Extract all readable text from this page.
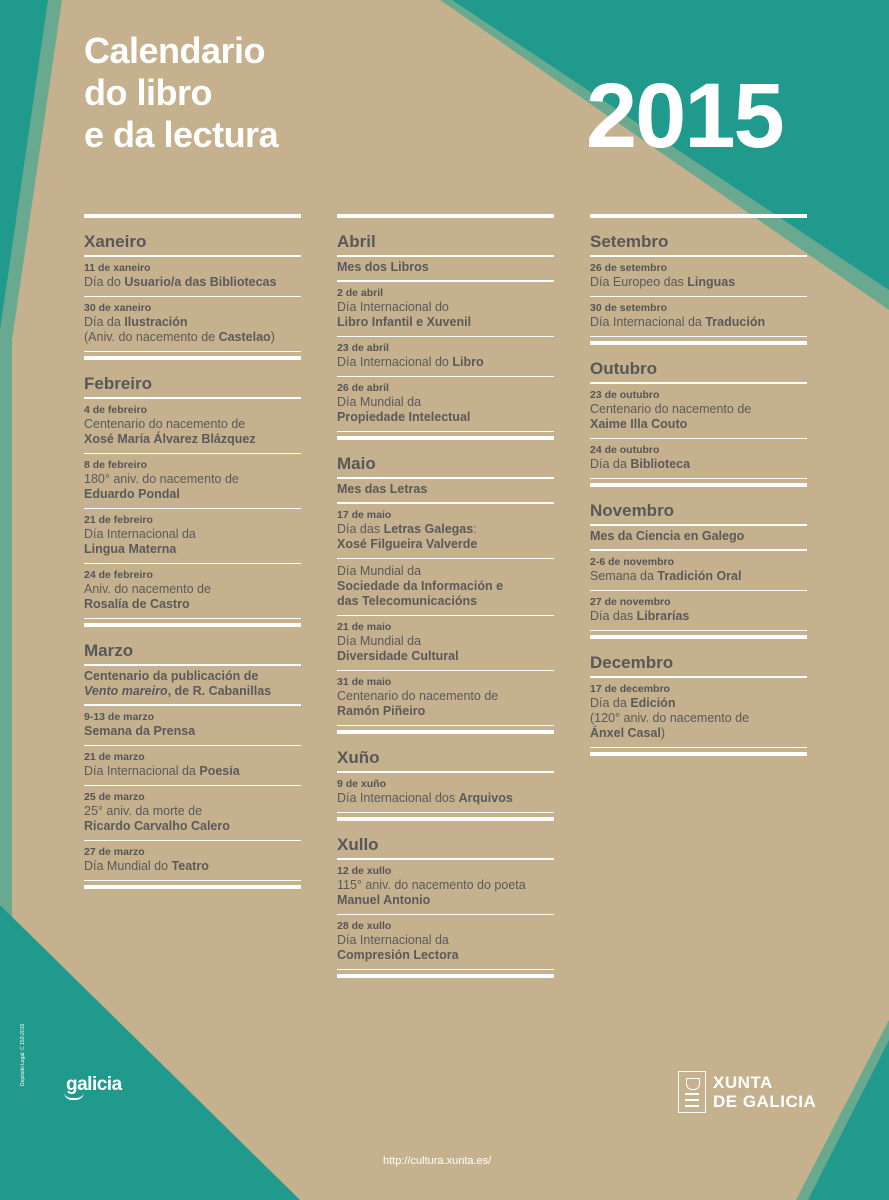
Calendario
do libro
e da lectura	2015
Xaneiro
11 de xaneiro
Día do Usuario/a das Bibliotecas
30 de xaneiro
Día da Ilustración
(Aniv. do nacemento de Castelao)
Febreiro
4 de febreiro
Centenario do nacemento de
Xosé María Álvarez Blázquez
8 de febreiro
180° aniv. do nacemento de
Eduardo Pondal
21 de febreiro
Día Internacional da
Lingua Materna
24 de febreiro
Aniv. do nacemento de
Rosalía de Castro
Marzo
Centenario da publicación de
Vento mareiro, de R. Cabanillas
9-13 de marzo
Semana da Prensa
21 de marzo
Día Internacional da Poesía
25 de marzo
25° aniv. da morte de
Ricardo Carvalho Calero
27 de marzo
Día Mundial do Teatro
Abril
Mes dos Libros
2 de abril
Día Internacional do
Libro Infantil e Xuvenil
23 de abril
Día Internacional do Libro
26 de abril
Día Mundial da
Propiedade Intelectual
Maio
Mes das Letras
17 de maio
Día das Letras Galegas:
Xosé Filgueira Valverde
Día Mundial da
Sociedade da Información e
das Telecomunicacións
21 de maio
Día Mundial da
Diversidade Cultural
31 de maio
Centenario do nacemento de
Ramón Piñeiro
Xuño
9 de xuño
Día Internacional dos Arquivos
Xullo
12 de xullo
115° aniv. do nacemento do poeta
Manuel Antonio
28 de xullo
Día Internacional da
Compresión Lectora
Setembro
26 de setembro
Día Europeo das Linguas
30 de setembro
Día Internacional da Tradución
Outubro
23 de outubro
Centenario do nacemento de
Xaime Illa Couto
24 de outubro
Día da Biblioteca
Novembro
Mes da Ciencia en Galego
2-6 de novembro
Semana da Tradición Oral
27 de novembro
Día das Librarías
Decembro
17 de decembro
Día da Edición
(120° aniv. do nacemento de
Ánxel Casal)
Depósito Legal: C 153-2015 galicia	XUNTA
DE GALICIA
http://cultura.xunta.es/
